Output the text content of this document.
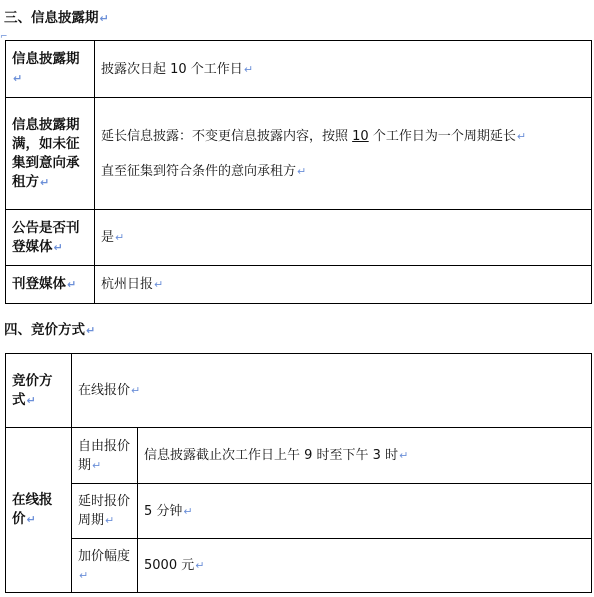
⌐
三、信息披露期↵
信息披露期↵	披露次日起 10 个工作日↵
信息披露期满，如未征集到意向承租方↵	延长信息披露：不变更信息披露内容，按照 10 个工作日为一个周期延长↵
直至征集到符合条件的意向承租方↵

公告是否刊登媒体↵	是↵
刊登媒体↵	杭州日报↵
四、竞价方式↵
竞价方式↵	在线报价↵	
在线报价↵	自由报价期↵	信息披露截止次工作日上午 9 时至下午 3 时↵
	延时报价周期↵	5 分钟↵
	加价幅度↵	5000 元↵
